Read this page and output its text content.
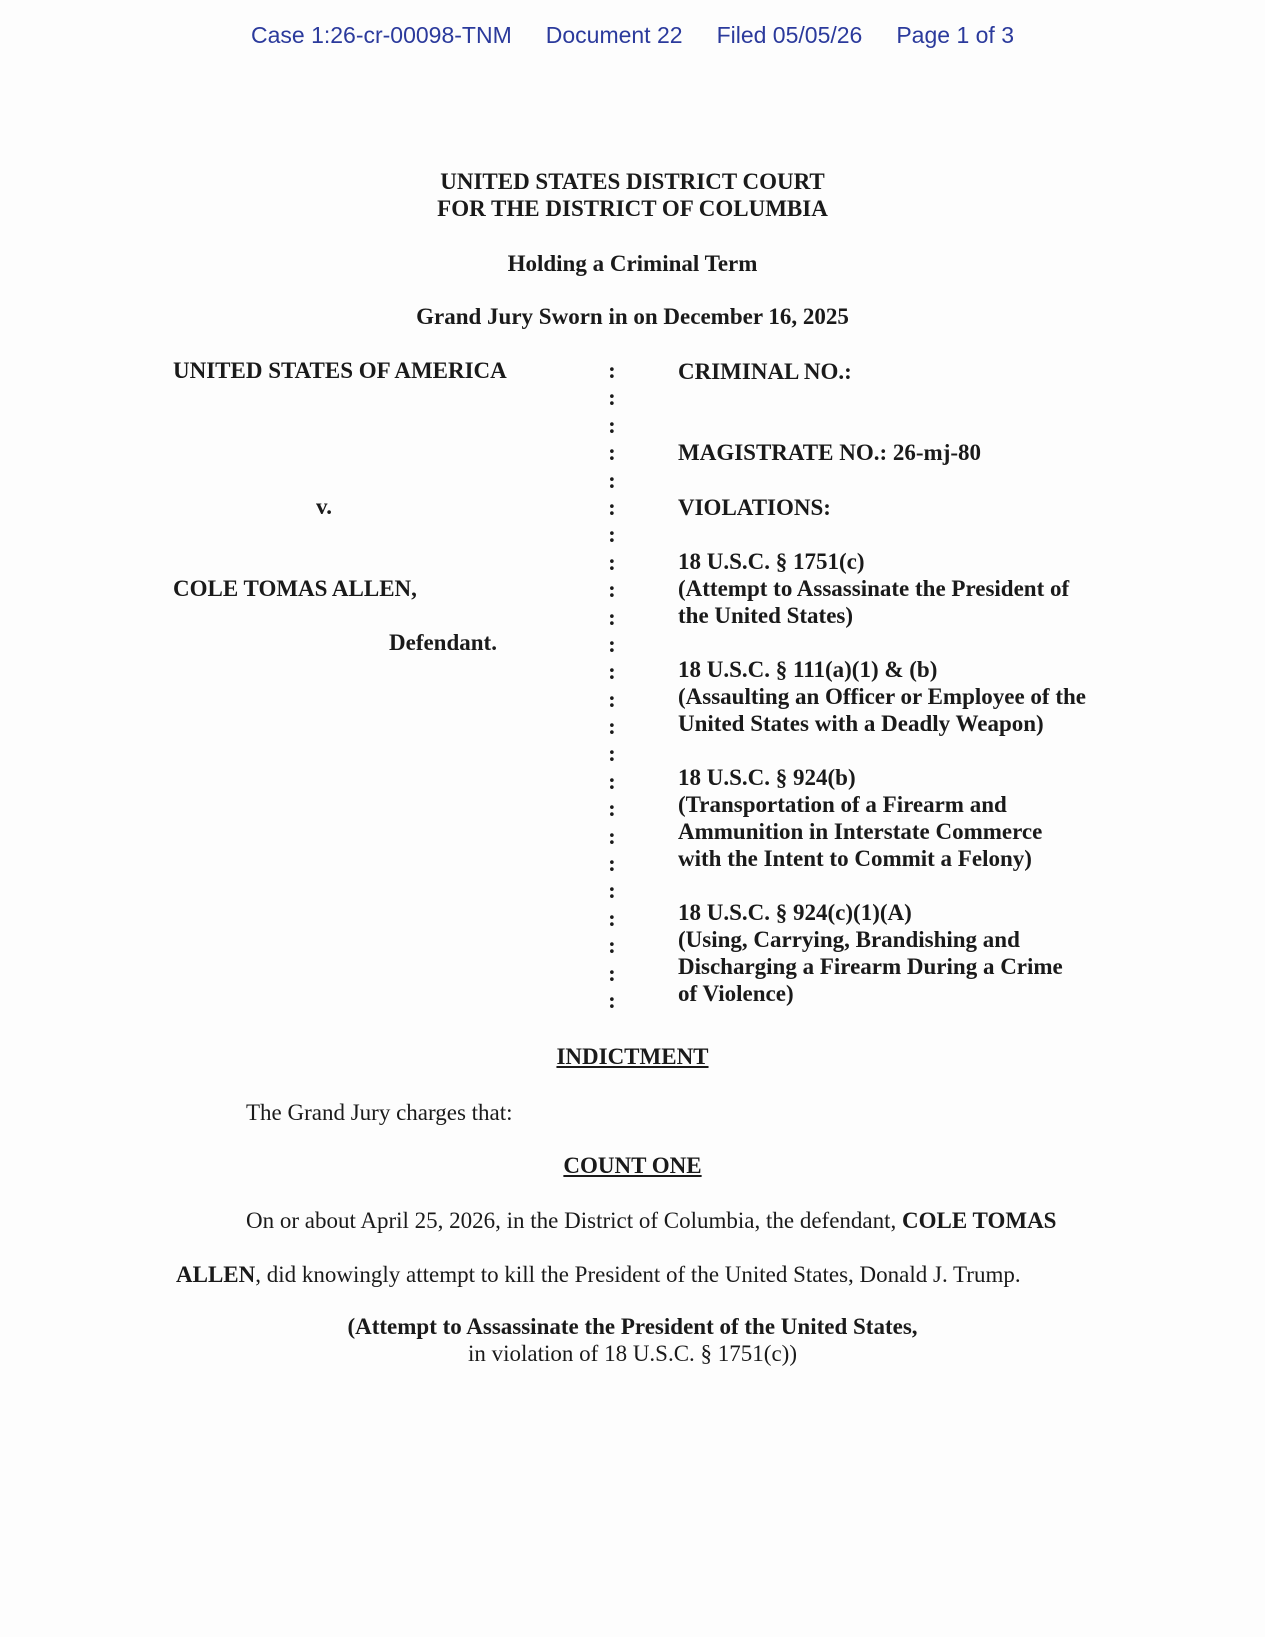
Case 1:26-cr-00098-TNM Document 22 Filed 05/05/26 Page 1 of 3
UNITED STATES DISTRICT COURT
FOR THE DISTRICT OF COLUMBIA
Holding a Criminal Term
Grand Jury Sworn in on December 16, 2025
UNITED STATES OF AMERICA
v.
COLE TOMAS ALLEN,
Defendant.
:
:
:
:
:
:
:
:
:
:
:
:
:
:
:
:
:
:
:
:
:
:
:
:
CRIMINAL NO.:
MAGISTRATE NO.: 26-mj-80
VIOLATIONS:
18 U.S.C. § 1751(c)
(Attempt to Assassinate the President of
the United States)
18 U.S.C. § 111(a)(1) & (b)
(Assaulting an Officer or Employee of the
United States with a Deadly Weapon)
18 U.S.C. § 924(b)
(Transportation of a Firearm and
Ammunition in Interstate Commerce
with the Intent to Commit a Felony)
18 U.S.C. § 924(c)(1)(A)
(Using, Carrying, Brandishing and
Discharging a Firearm During a Crime
of Violence)
INDICTMENT
The Grand Jury charges that:
COUNT ONE
On or about April 25, 2026, in the District of Columbia, the defendant, COLE TOMAS
ALLEN, did knowingly attempt to kill the President of the United States, Donald J. Trump.
(Attempt to Assassinate the President of the United States,
in violation of 18 U.S.C. § 1751(c))
